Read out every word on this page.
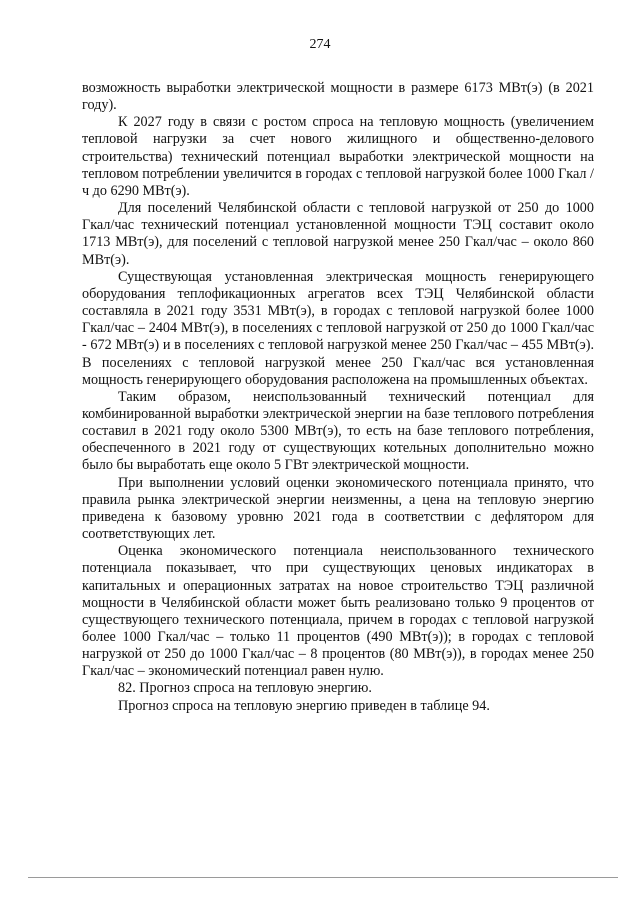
274

возможность выработки электрической мощности в размере 6173 МВт(э) (в 2021 году).

К 2027 году в связи с ростом спроса на тепловую мощность (увеличением тепловой нагрузки за счет нового жилищного и общественно-делового строительства) технический потенциал выработки электрической мощности на тепловом потреблении увеличится в городах с тепловой нагрузкой более 1000 Гкал /ч до 6290 МВт(э).

Для поселений Челябинской области с тепловой нагрузкой от 250 до 1000 Гкал/час технический потенциал установленной мощности ТЭЦ составит около 1713 МВт(э), для поселений с тепловой нагрузкой менее 250 Гкал/час – около 860 МВт(э).

Существующая установленная электрическая мощность генерирующего оборудования теплофикационных агрегатов всех ТЭЦ Челябинской области составляла в 2021 году 3531 МВт(э), в городах с тепловой нагрузкой более 1000 Гкал/час – 2404 МВт(э), в поселениях с тепловой нагрузкой от 250 до 1000 Гкал/час - 672 МВт(э) и в поселениях с тепловой нагрузкой менее 250 Гкал/час – 455 МВт(э). В поселениях с тепловой нагрузкой менее 250 Гкал/час вся установленная мощность генерирующего оборудования расположена на промышленных объектах.

Таким образом, неиспользованный технический потенциал для комбинированной выработки электрической энергии на базе теплового потребления составил в 2021 году около 5300 МВт(э), то есть на базе теплового потребления, обеспеченного в 2021 году от существующих котельных дополнительно можно было бы выработать еще около 5 ГВт электрической мощности.

При выполнении условий оценки экономического потенциала принято, что правила рынка электрической энергии неизменны, а цена на тепловую энергию приведена к базовому уровню 2021 года в соответствии с дефлятором для соответствующих лет.

Оценка экономического потенциала неиспользованного технического потенциала показывает, что при существующих ценовых индикаторах в капитальных и операционных затратах на новое строительство ТЭЦ различной мощности в Челябинской области может быть реализовано только 9 процентов от существующего технического потенциала, причем в городах с тепловой нагрузкой более 1000 Гкал/час – только 11 процентов (490 МВт(э)); в городах с тепловой нагрузкой от 250 до 1000 Гкал/час – 8 процентов (80 МВт(э)), в городах менее 250 Гкал/час – экономический потенциал равен нулю.

82. Прогноз спроса на тепловую энергию.

Прогноз спроса на тепловую энергию приведен в таблице 94.
